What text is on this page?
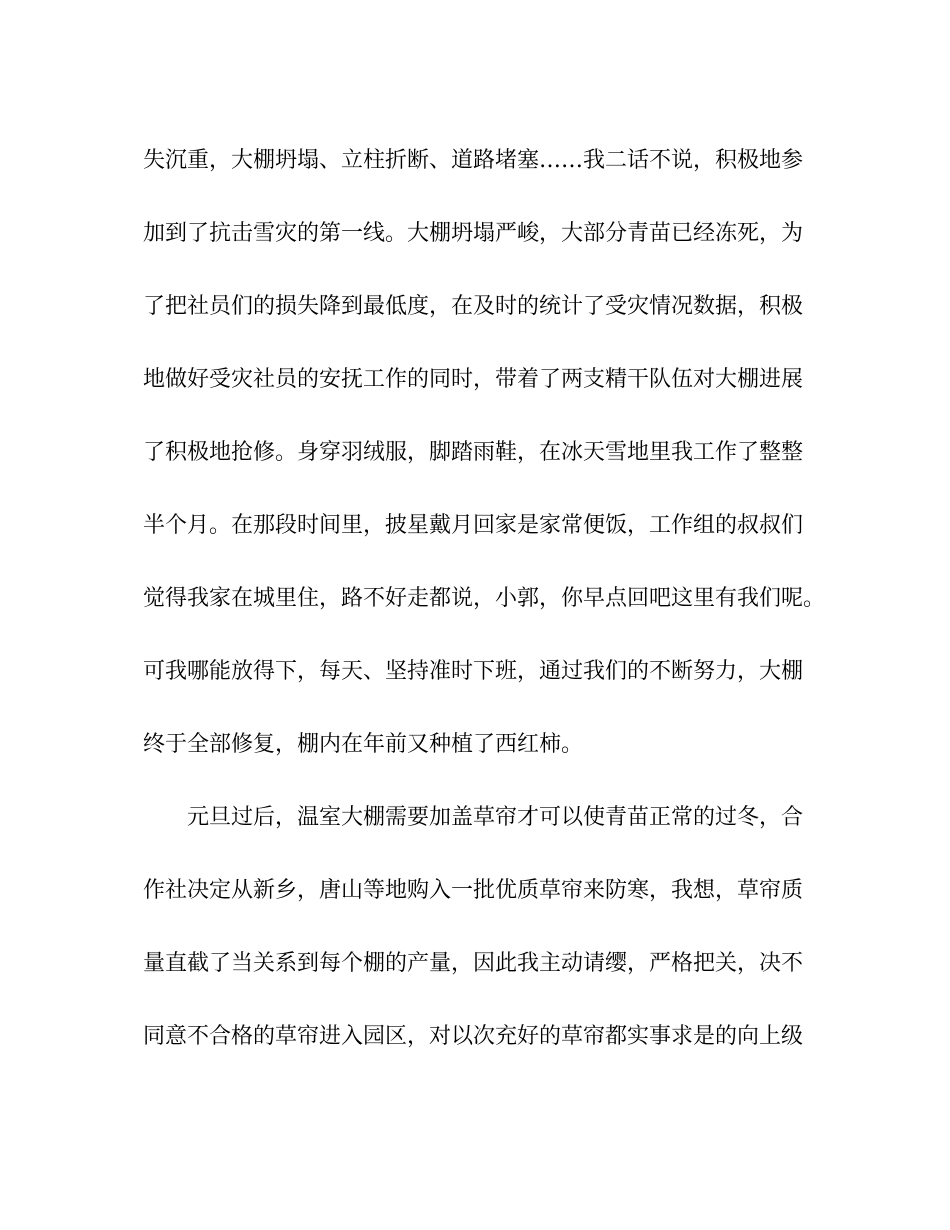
失沉重，大棚坍塌、立柱折断、道路堵塞……我二话不说，积极地参
加到了抗击雪灾的第一线。大棚坍塌严峻，大部分青苗已经冻死，为
了把社员们的损失降到最低度，在及时的统计了受灾情况数据，积极
地做好受灾社员的安抚工作的同时，带着了两支精干队伍对大棚进展
了积极地抢修。身穿羽绒服，脚踏雨鞋，在冰天雪地里我工作了整整
半个月。在那段时间里，披星戴月回家是家常便饭，工作组的叔叔们
觉得我家在城里住，路不好走都说，小郭，你早点回吧这里有我们呢。
可我哪能放得下，每天、坚持准时下班，通过我们的不断努力，大棚
终于全部修复，棚内在年前又种植了西红柿。
元旦过后，温室大棚需要加盖草帘才可以使青苗正常的过冬，合
作社决定从新乡，唐山等地购入一批优质草帘来防寒，我想，草帘质
量直截了当关系到每个棚的产量，因此我主动请缨，严格把关，决不
同意不合格的草帘进入园区，对以次充好的草帘都实事求是的向上级
